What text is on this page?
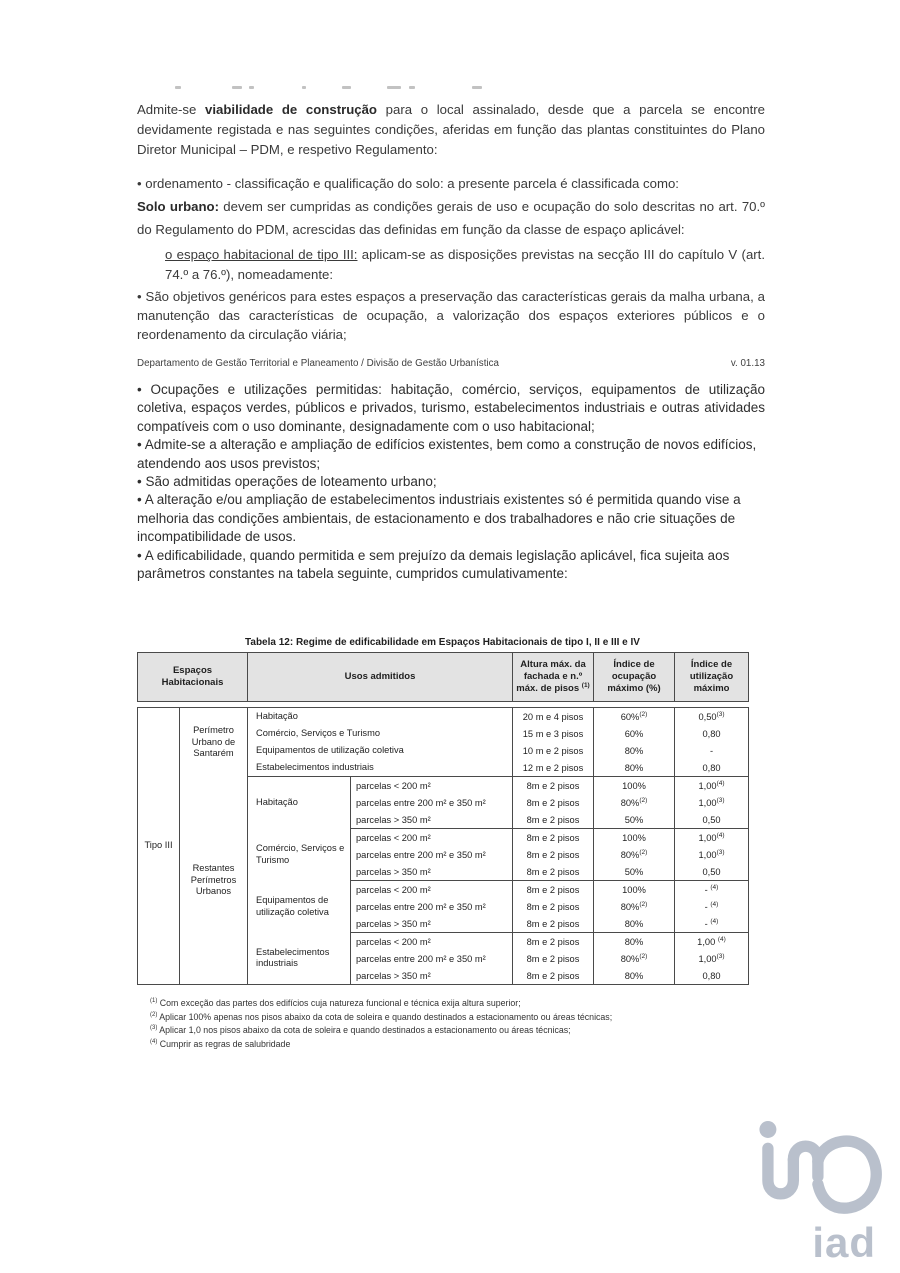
Admite-se viabilidade de construção para o local assinalado, desde que a parcela se encontre devidamente registada e nas seguintes condições, aferidas em função das plantas constituintes do Plano Diretor Municipal – PDM, e respetivo Regulamento:

• ordenamento - classificação e qualificação do solo: a presente parcela é classificada como:
Solo urbano: devem ser cumpridas as condições gerais de uso e ocupação do solo descritas no art. 70.º do Regulamento do PDM, acrescidas das definidas em função da classe de espaço aplicável:

o espaço habitacional de tipo III: aplicam-se as disposições previstas na secção III do capítulo V (art. 74.º a 76.º), nomeadamente:

• São objetivos genéricos para estes espaços a preservação das características gerais da malha urbana, a manutenção das características de ocupação, a valorização dos espaços exteriores públicos e o reordenamento da circulação viária;

Departamento de Gestão Territorial e Planeamento / Divisão de Gestão Urbanística	v. 01.13

• Ocupações e utilizações permitidas: habitação, comércio, serviços, equipamentos de utilização coletiva, espaços verdes, públicos e privados, turismo, estabelecimentos industriais e outras atividades compatíveis com o uso dominante, designadamente com o uso habitacional;

• Admite-se a alteração e ampliação de edifícios existentes, bem como a construção de novos edifícios, atendendo aos usos previstos;

• São admitidas operações de loteamento urbano;

• A alteração e/ou ampliação de estabelecimentos industriais existentes só é permitida quando vise a melhoria das condições ambientais, de estacionamento e dos trabalhadores e não crie situações de incompatibilidade de usos.

• A edificabilidade, quando permitida e sem prejuízo da demais legislação aplicável, fica sujeita aos parâmetros constantes na tabela seguinte, cumpridos cumulativamente:

Tabela 12: Regime de edificabilidade em Espaços Habitacionais de tipo I, II e III e IV
Espaços Habitacionais	Usos admitidos	Altura máx. da fachada e n.º máx. de pisos $^{(1)}$	Índice de ocupação máximo (%)	Índice de utilização máximo
Tipo III	Perímetro Urbano de Santarém	Habitação		20 m e 4 pisos	60%$^{(2)}$	0,50$^{(3)}$
		Comércio, Serviços e Turismo		15 m e 3 pisos	60%	0,80
		Equipamentos de utilização coletiva		10 m e 2 pisos	80%	-
		Estabelecimentos industriais		12 m e 2 pisos	80%	0,80
	Restantes Perímetros Urbanos	Habitação	parcelas < 200 m²	8m e 2 pisos	100%	1,00$^{(4)}$
			parcelas entre 200 m² e 350 m²	8m e 2 pisos	80%$^{(2)}$	1,00$^{(3)}$
			parcelas > 350 m²	8m e 2 pisos	50%	0,50
		Comércio, Serviços e Turismo	parcelas < 200 m²	8m e 2 pisos	100%	1,00$^{(4)}$
			parcelas entre 200 m² e 350 m²	8m e 2 pisos	80%$^{(2)}$	1,00$^{(3)}$
			parcelas > 350 m²	8m e 2 pisos	50%	0,50
		Equipamentos de utilização coletiva	parcelas < 200 m²	8m e 2 pisos	100%	- $^{(4)}$
			parcelas entre 200 m² e 350 m²	8m e 2 pisos	80%$^{(2)}$	- $^{(4)}$
			parcelas > 350 m²	8m e 2 pisos	80%	- $^{(4)}$
		Estabelecimentos industriais	parcelas < 200 m²	8m e 2 pisos	80%	1,00 $^{(4)}$
			parcelas entre 200 m² e 350 m²	8m e 2 pisos	80%$^{(2)}$	1,00$^{(3)}$
			parcelas > 350 m²	8m e 2 pisos	80%	0,80
$^{(1)}$ Com exceção das partes dos edifícios cuja natureza funcional e técnica exija altura superior;
$^{(2)}$ Aplicar 100% apenas nos pisos abaixo da cota de soleira e quando destinados a estacionamento ou áreas técnicas;
$^{(3)}$ Aplicar 1,0 nos pisos abaixo da cota de soleira e quando destinados a estacionamento ou áreas técnicas;
$^{(4)}$ Cumprir as regras de salubridade
iad
